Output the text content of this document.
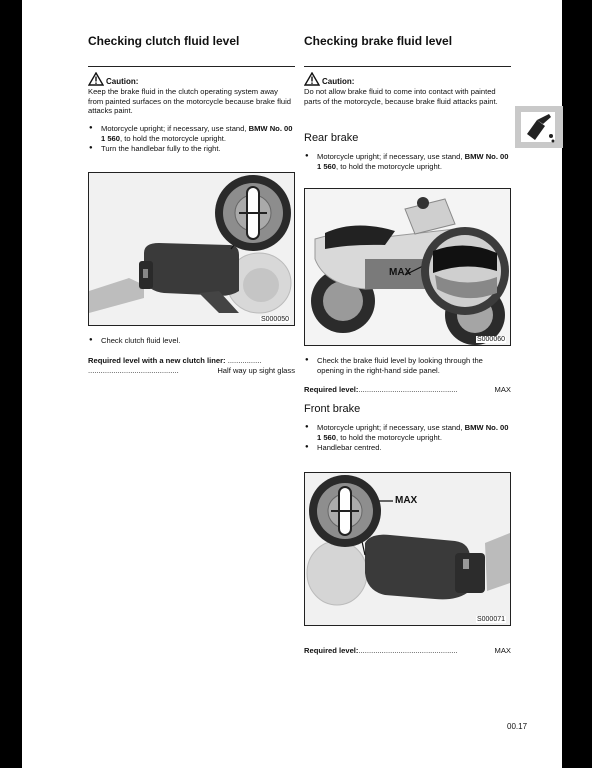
Checking clutch fluid level
Caution:
Keep the brake fluid in the clutch operating system away from painted surfaces on the motorcycle because brake fluid attacks paint.
● Motorcycle upright; if necessary, use stand, BMW No. 00 1 560, to hold the motorcycle upright.
● Turn the handlebar fully to the right.
S000050
● Check clutch fluid level.
Required level with a new clutch liner: ................
...........................................	Half way up sight glass
Checking brake fluid level
Caution:
Do not allow brake fluid to come into contact with painted parts of the motorcycle, because brake fluid attacks paint.
Rear brake
● Motorcycle upright; if necessary, use stand, BMW No. 00 1 560, to hold the motorcycle upright.
MAX
S000060
● Check the brake fluid level by looking through the opening in the right-hand side panel.
Required level:...............................................	MAX
Front brake
● Motorcycle upright; if necessary, use stand, BMW No. 00 1 560, to hold the motorcycle upright.
● Handlebar centred.
MAX
S000071
Required level:...............................................	MAX
00.17
